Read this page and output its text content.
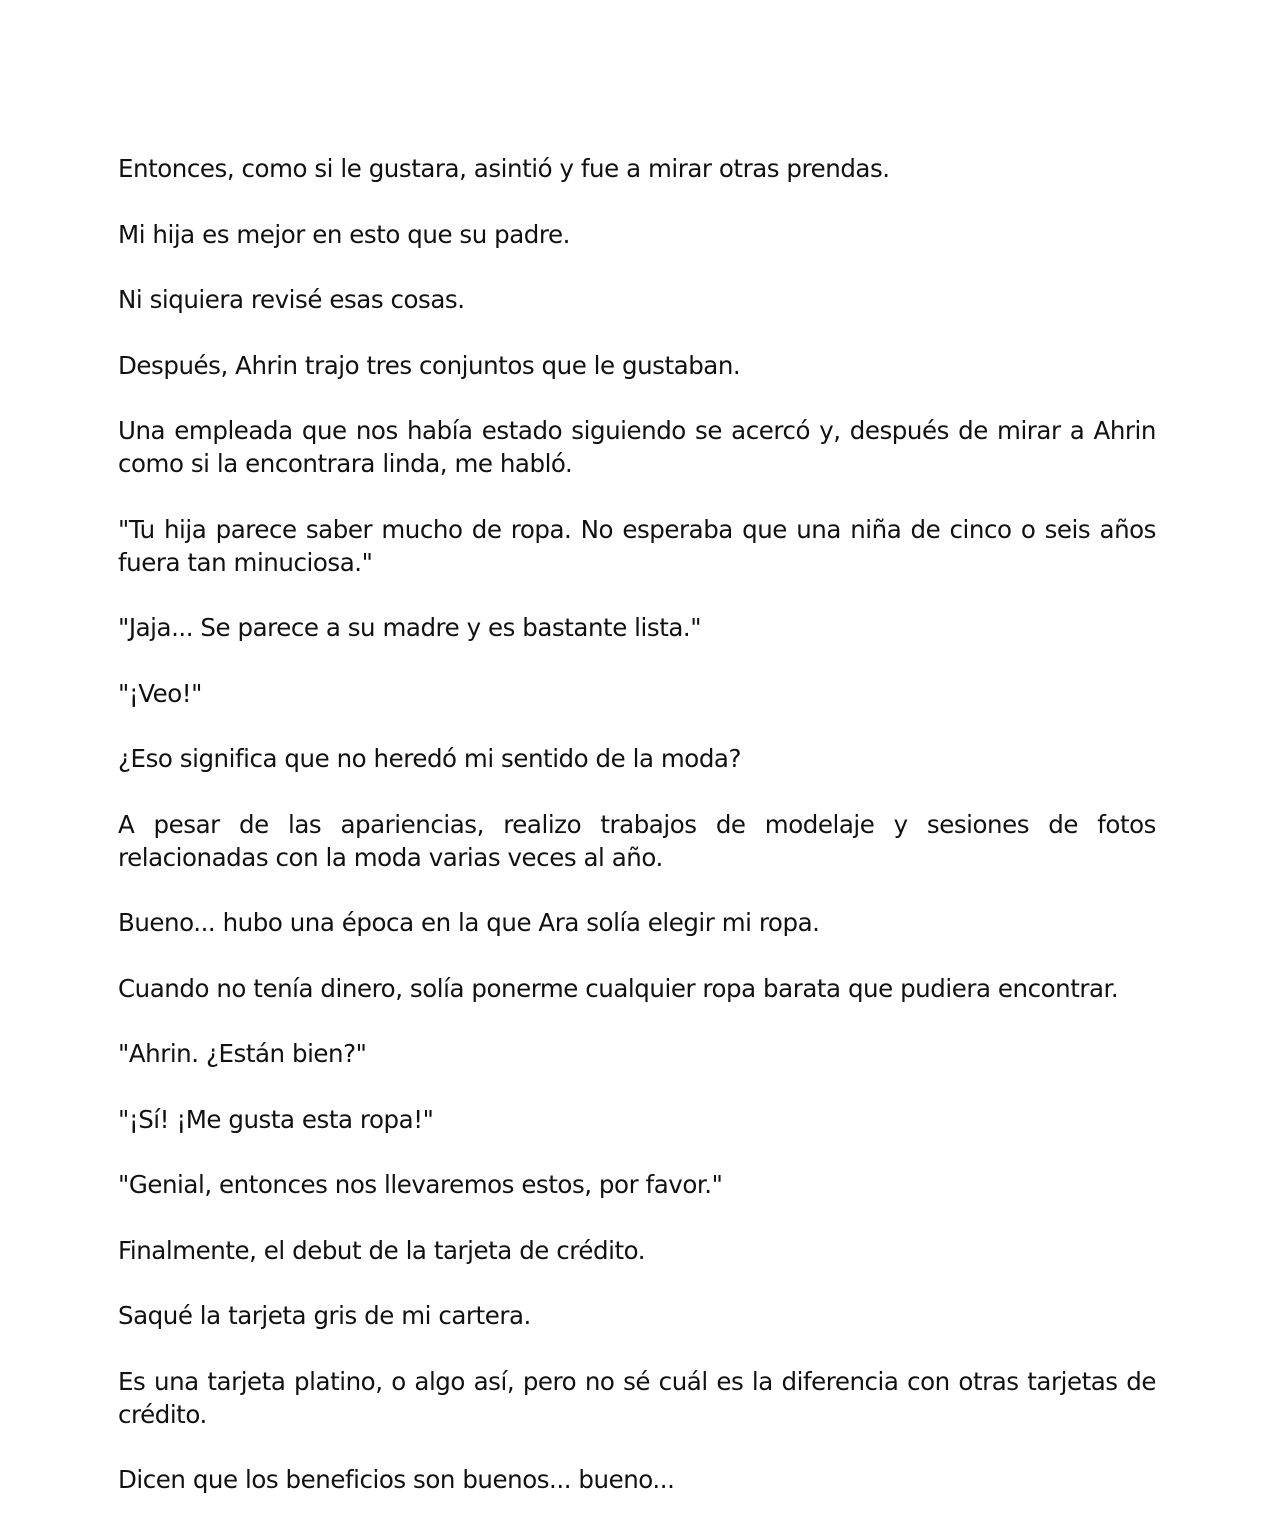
Entonces, como si le gustara, asintió y fue a mirar otras prendas.

Mi hija es mejor en esto que su padre.

Ni siquiera revisé esas cosas.

Después, Ahrin trajo tres conjuntos que le gustaban.

Una empleada que nos había estado siguiendo se acercó y, después de mirar a Ahrin como si la encontrara linda, me habló.

"Tu hija parece saber mucho de ropa. No esperaba que una niña de cinco o seis años fuera tan minuciosa."

"Jaja... Se parece a su madre y es bastante lista."

"¡Veo!"

¿Eso significa que no heredó mi sentido de la moda?

A pesar de las apariencias, realizo trabajos de modelaje y sesiones de fotos relacionadas con la moda varias veces al año.

Bueno... hubo una época en la que Ara solía elegir mi ropa.

Cuando no tenía dinero, solía ponerme cualquier ropa barata que pudiera encontrar.

"Ahrin. ¿Están bien?"

"¡Sí! ¡Me gusta esta ropa!"

"Genial, entonces nos llevaremos estos, por favor."

Finalmente, el debut de la tarjeta de crédito.

Saqué la tarjeta gris de mi cartera.

Es una tarjeta platino, o algo así, pero no sé cuál es la diferencia con otras tarjetas de crédito.

Dicen que los beneficios son buenos... bueno...
